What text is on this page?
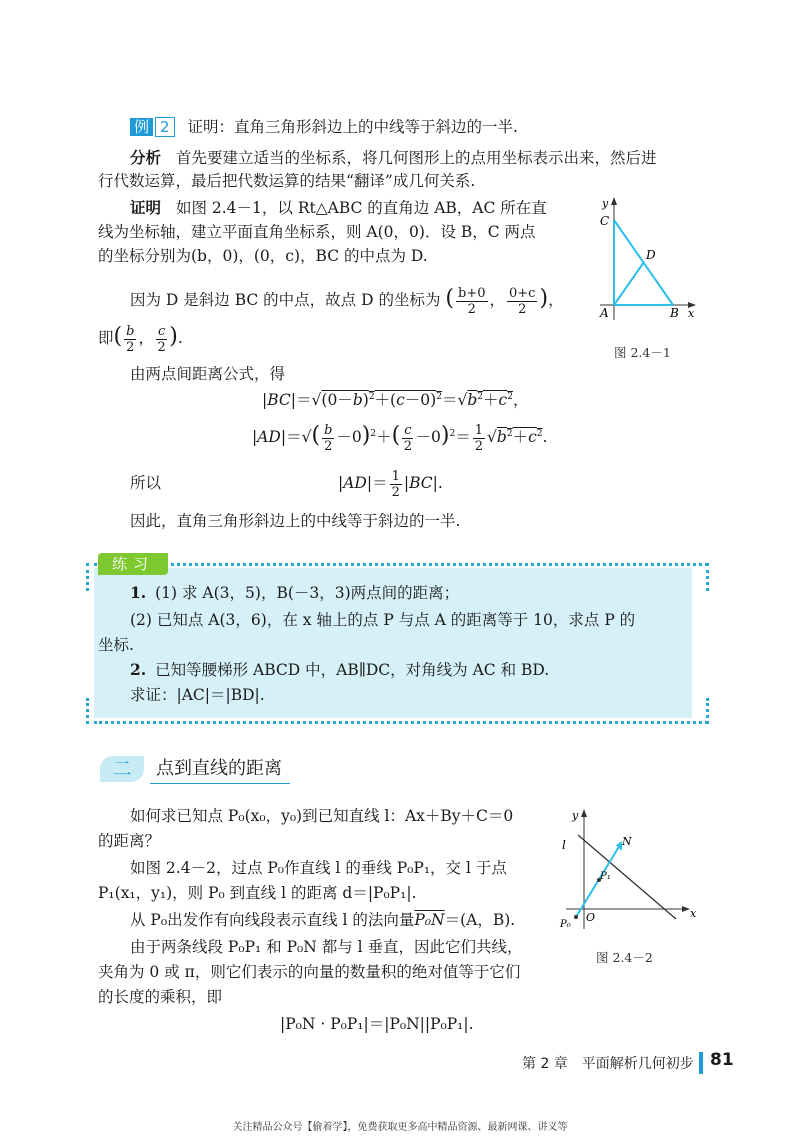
例 2 证明：直角三角形斜边上的中线等于斜边的一半.
分析 首先要建立适当的坐标系，将几何图形上的点用坐标表示出来，然后进
行代数运算，最后把代数运算的结果“翻译”成几何关系.
证明 如图 2.4－1，以 Rt△ABC 的直角边 AB，AC 所在直
线为坐标轴，建立平面直角坐标系，则 A(0，0)．设 B，C 两点
的坐标分别为(b，0)，(0，c)，BC 的中点为 D.
因为 D 是斜边 BC 的中点，故点 D 的坐标为 ( $\frac{b+0}{2}$ ， $\frac{0+c}{2}$ )，
即( $\frac{b}{2}$ ， $\frac{c}{2}$ ).
由两点间距离公式，得
$|BC|=√(0-b)^2+(c-0)^2=√b^2+c^2$，
$|AD|=√( \frac{b}{2} -0)^2+( \frac{c}{2} -0)^2= \frac{1}{2} √b^2+c^2$.
所以	$|AD|= \frac{1}{2} |BC|$.
因此，直角三角形斜边上的中线等于斜边的一半.
y
C
D
A	B x
图 2.4－1
练习
1. (1) 求 A(3，5)，B(－3，3)两点间的距离；
(2) 已知点 A(3，6)，在 x 轴上的点 P 与点 A 的距离等于 10，求点 P 的
坐标.
2. 已知等腰梯形 ABCD 中，AB∥DC，对角线为 AC 和 BD.
求证：|AC|＝|BD|.
二	点到直线的距离
如何求已知点 P₀(x₀，y₀)到已知直线 l：Ax＋By＋C＝0
的距离？
如图 2.4－2，过点 P₀作直线 l 的垂线 P₀P₁，交 l 于点
P₁(x₁，y₁)，则 P₀ 到直线 l 的距离 d＝|P₀P₁|.
从 P₀出发作有向线段表示直线 l 的法向量P₀N＝(A，B).
由于两条线段 P₀P₁ 和 P₀N 都与 l 垂直，因此它们共线，
夹角为 0 或 π，则它们表示的向量的数量积的绝对值等于它们
的长度的乘积，即
|P₀N · P₀P₁|＝|P₀N||P₀P₁|.
y
l	N
P₁
O
P₀
x
图 2.4－2
第 2 章　平面解析几何初步 81
关注精品公众号【偷着学】，免费获取更多高中精品资源、最新网课、讲义等
